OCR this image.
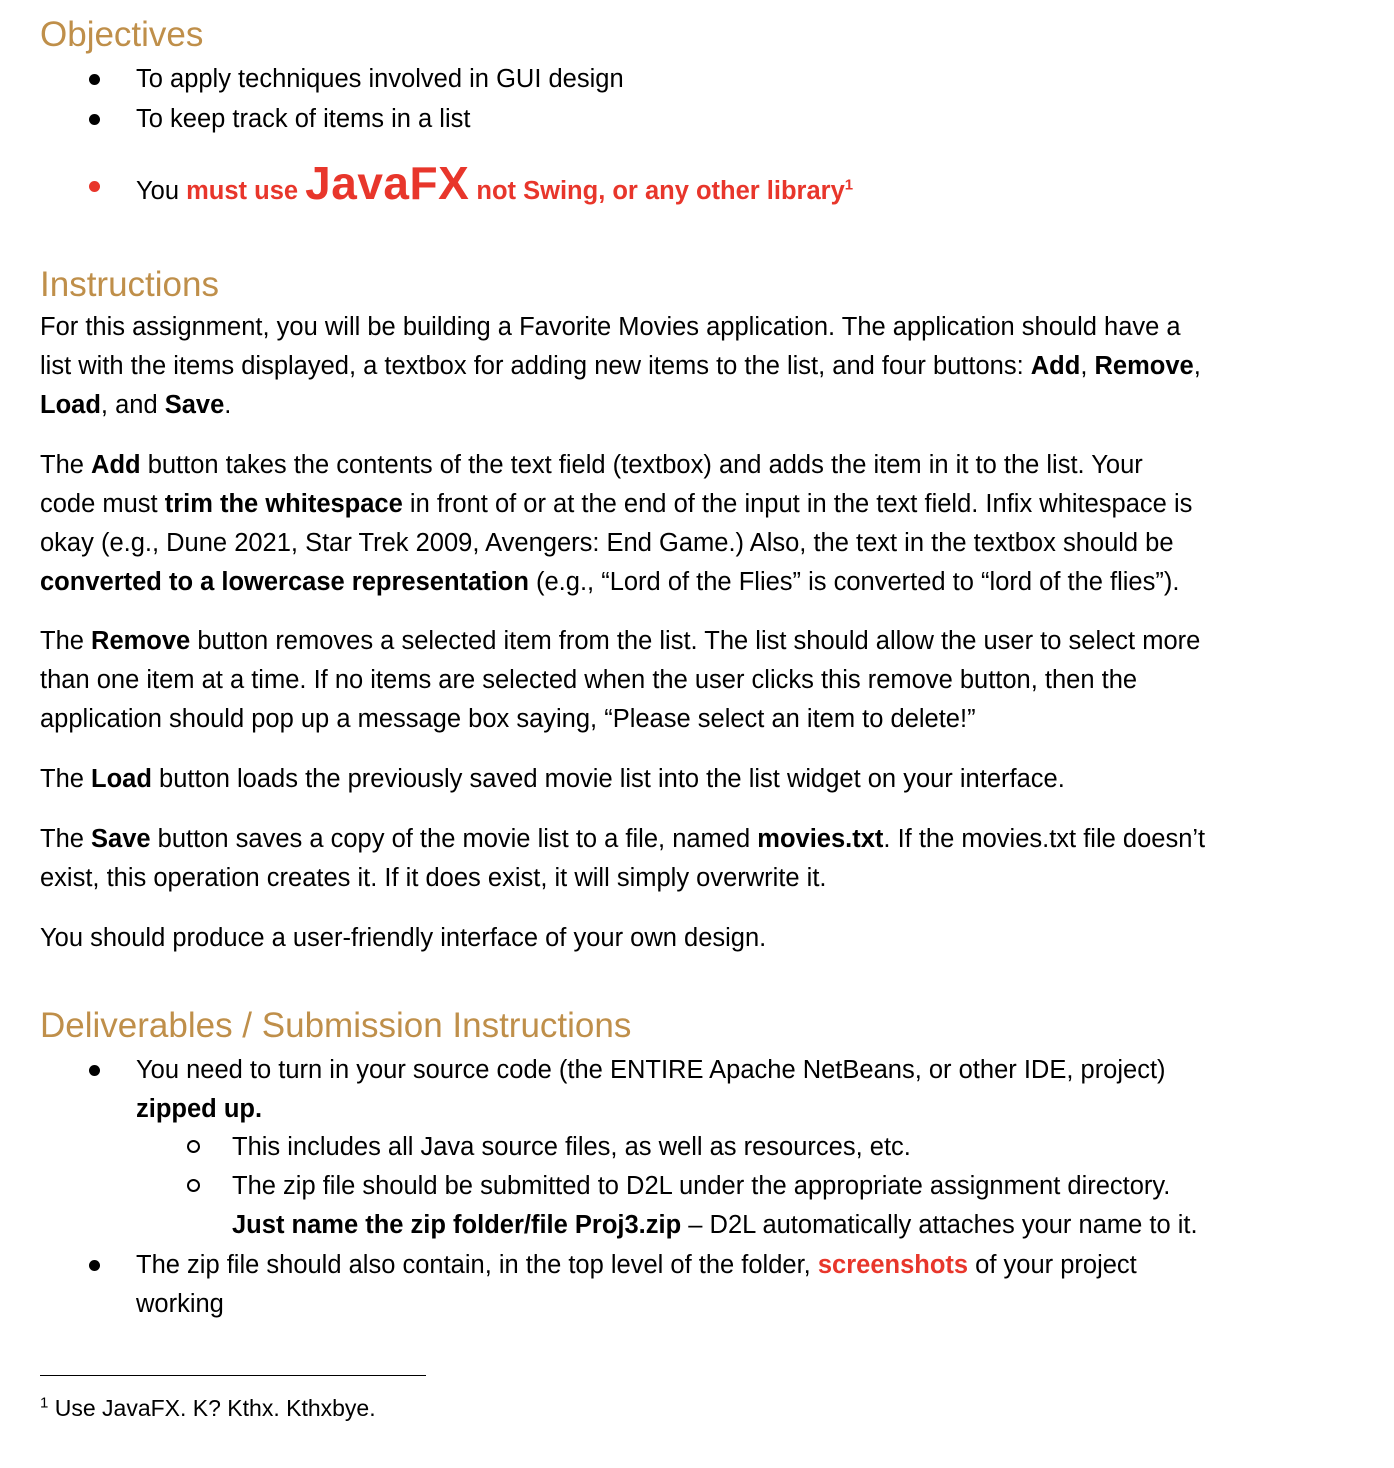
Objectives
To apply techniques involved in GUI design
To keep track of items in a list
You must use JavaFX not Swing, or any other library$^1$
Instructions
For this assignment, you will be building a Favorite Movies application. The application should have a
list with the items displayed, a textbox for adding new items to the list, and four buttons: Add, Remove,
Load, and Save.
The Add button takes the contents of the text field (textbox) and adds the item in it to the list. Your
code must trim the whitespace in front of or at the end of the input in the text field. Infix whitespace is
okay (e.g., Dune 2021, Star Trek 2009, Avengers: End Game.) Also, the text in the textbox should be
converted to a lowercase representation (e.g., “Lord of the Flies” is converted to “lord of the flies”).
The Remove button removes a selected item from the list. The list should allow the user to select more
than one item at a time. If no items are selected when the user clicks this remove button, then the
application should pop up a message box saying, “Please select an item to delete!”
The Load button loads the previously saved movie list into the list widget on your interface.
The Save button saves a copy of the movie list to a file, named movies.txt. If the movies.txt file doesn’t
exist, this operation creates it. If it does exist, it will simply overwrite it.
You should produce a user-friendly interface of your own design.
Deliverables / Submission Instructions
You need to turn in your source code (the ENTIRE Apache NetBeans, or other IDE, project)
zipped up.
This includes all Java source files, as well as resources, etc.
The zip file should be submitted to D2L under the appropriate assignment directory.
Just name the zip folder/file Proj3.zip – D2L automatically attaches your name to it.
The zip file should also contain, in the top level of the folder, screenshots of your project
working
$^1$ Use JavaFX. K? Kthx. Kthxbye.
